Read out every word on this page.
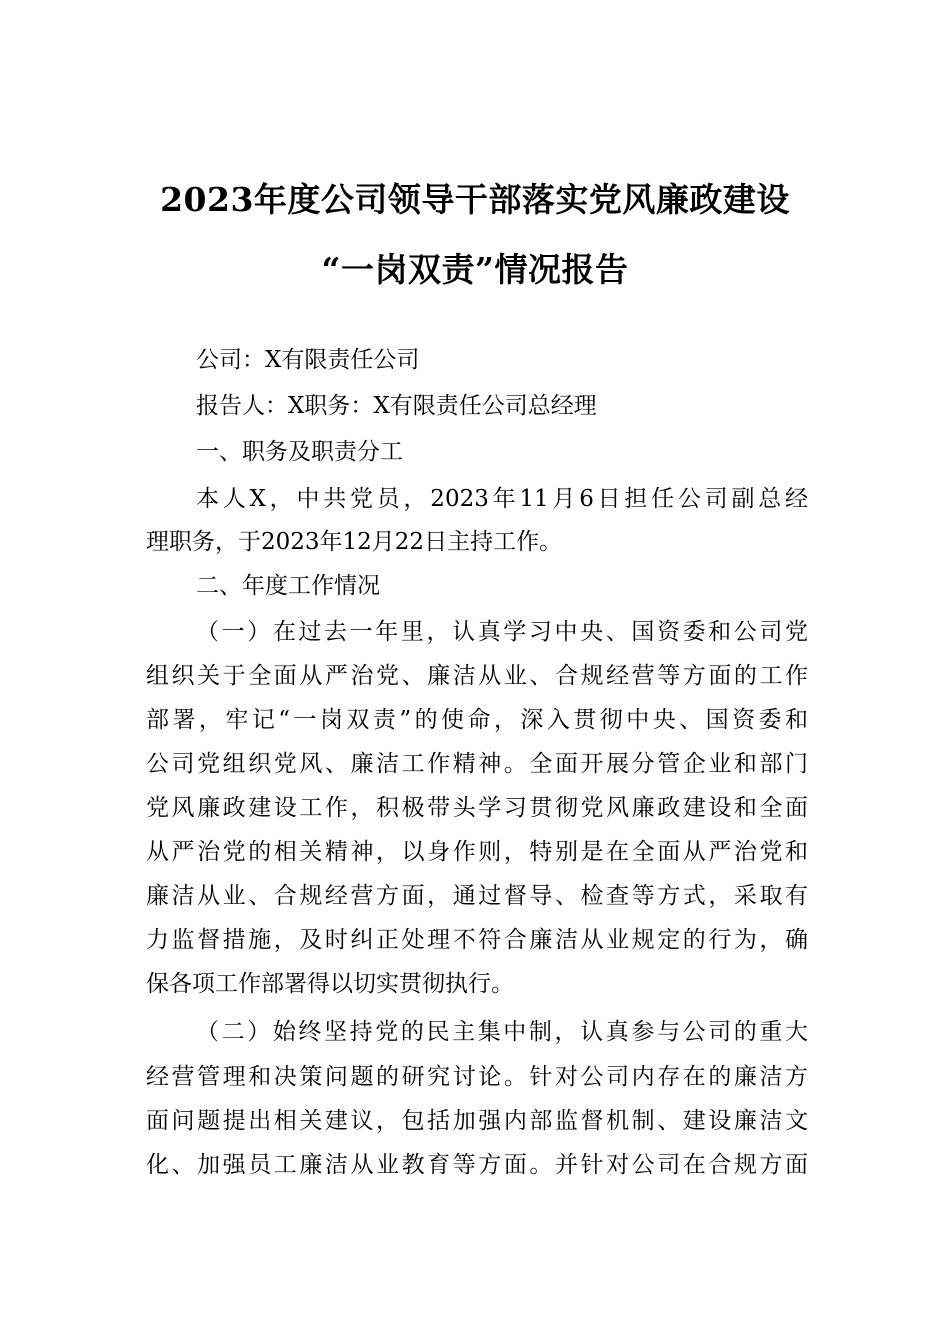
2023年度公司领导干部落实党风廉政建设
“一岗双责”情况报告
公司：X有限责任公司
报告人：X职务：X有限责任公司总经理
一、职务及职责分工
本人X，中共党员，2023年11月6日担任公司副总经
理职务，于2023年12月22日主持工作。
二、年度工作情况
（一）在过去一年里，认真学习中央、国资委和公司党
组织关于全面从严治党、廉洁从业、合规经营等方面的工作
部署，牢记“一岗双责”的使命，深入贯彻中央、国资委和
公司党组织党风、廉洁工作精神。全面开展分管企业和部门
党风廉政建设工作，积极带头学习贯彻党风廉政建设和全面
从严治党的相关精神，以身作则，特别是在全面从严治党和
廉洁从业、合规经营方面，通过督导、检查等方式，采取有
力监督措施，及时纠正处理不符合廉洁从业规定的行为，确
保各项工作部署得以切实贯彻执行。
（二）始终坚持党的民主集中制，认真参与公司的重大
经营管理和决策问题的研究讨论。针对公司内存在的廉洁方
面问题提出相关建议，包括加强内部监督机制、建设廉洁文
化、加强员工廉洁从业教育等方面。并针对公司在合规方面
